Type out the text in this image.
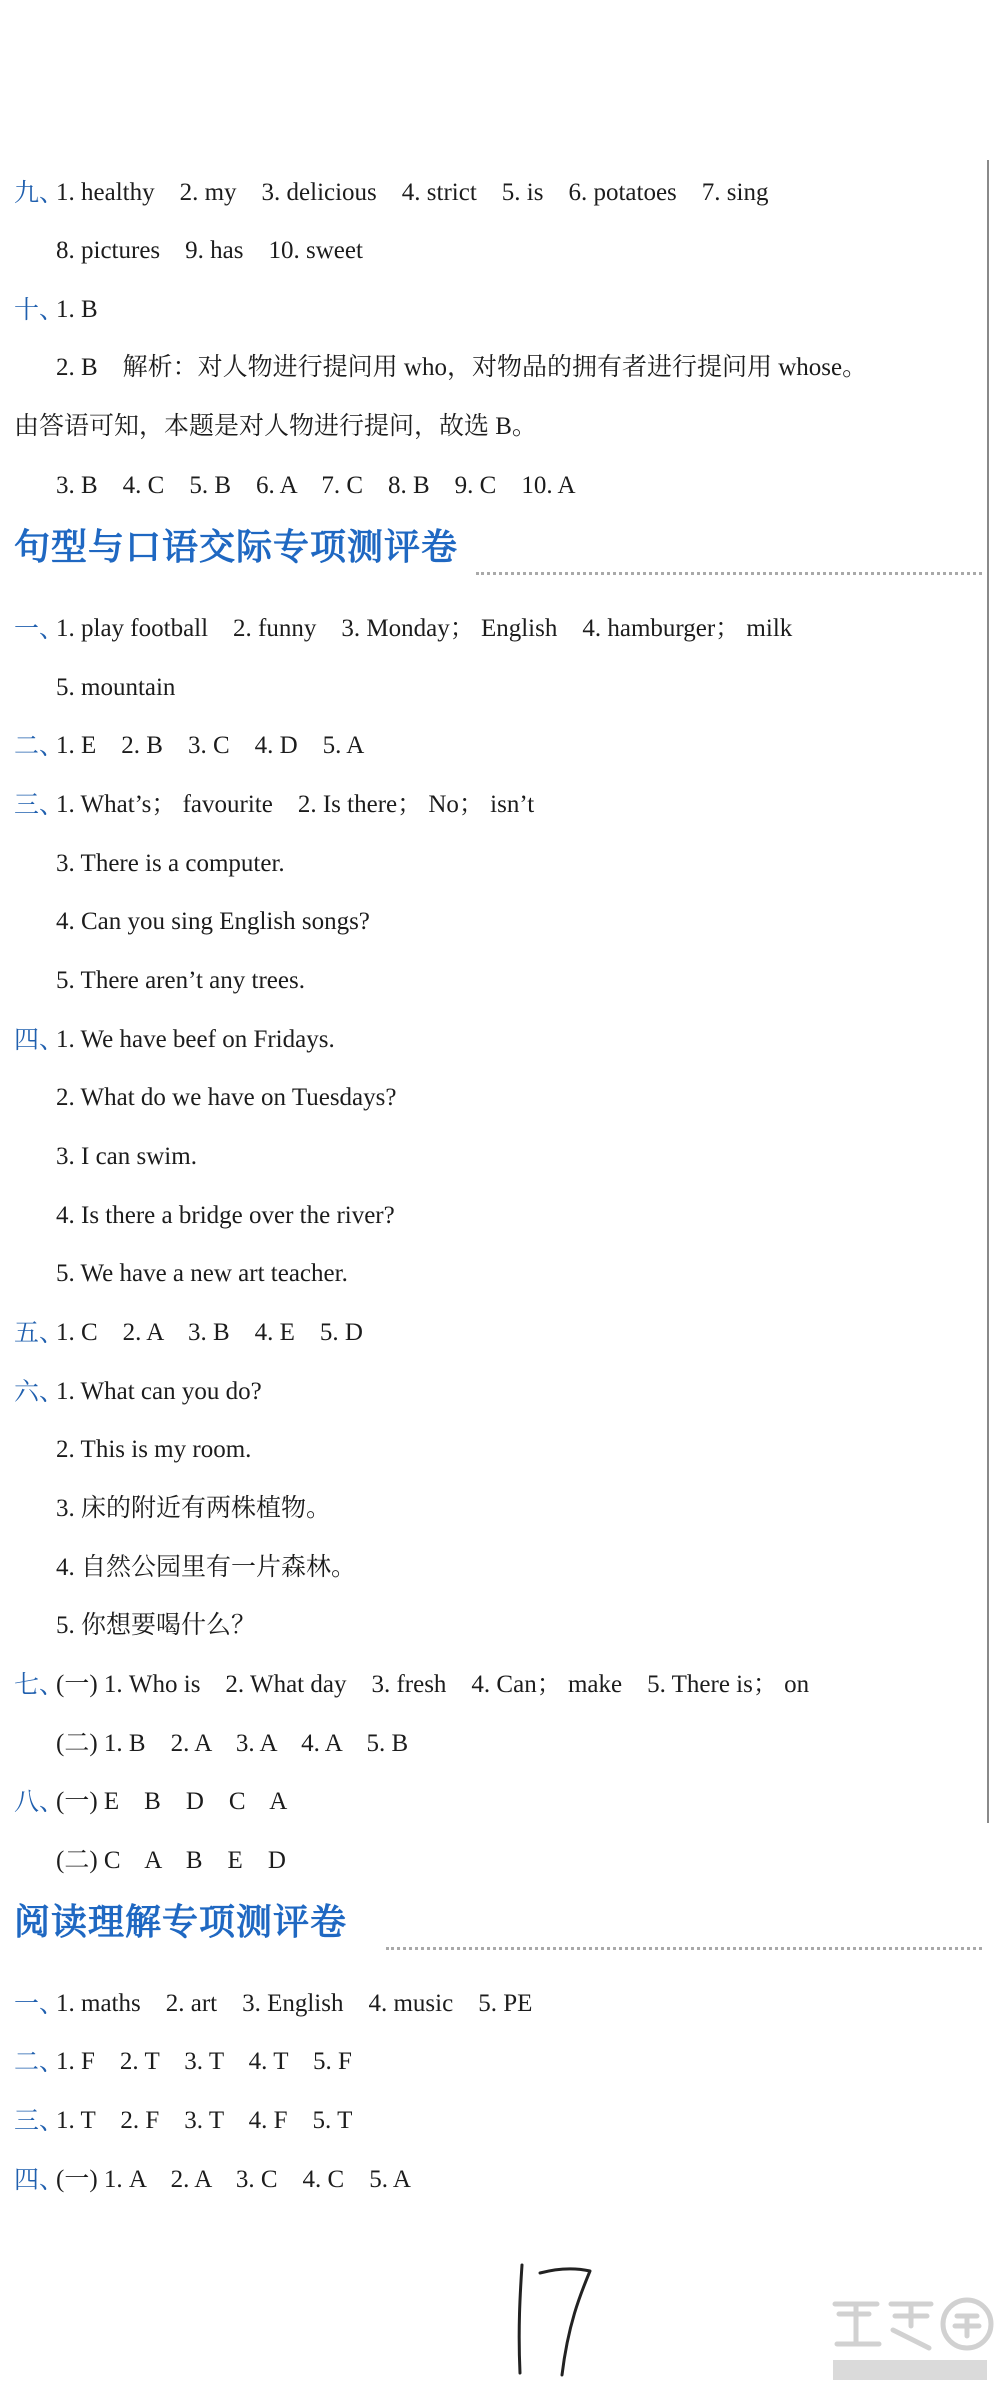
九、
1. healthy    2. my    3. delicious    4. strict    5. is    6. potatoes    7. sing
8. pictures    9. has    10. sweet
十、
1. B
2. B    解析：对人物进行提问用 who，对物品的拥有者进行提问用 whose。
由答语可知，本题是对人物进行提问，故选 B。
3. B    4. C    5. B    6. A    7. C    8. B    9. C    10. A
句型与口语交际专项测评卷
一、
1. play football    2. funny    3. Monday； English    4. hamburger； milk
5. mountain
二、
1. E    2. B    3. C    4. D    5. A
三、
1. What’s； favourite    2. Is there； No； isn’t
3. There is a computer.
4. Can you sing English songs?
5. There aren’t any trees.
四、
1. We have beef on Fridays.
2. What do we have on Tuesdays?
3. I can swim.
4. Is there a bridge over the river?
5. We have a new art teacher.
五、
1. C    2. A    3. B    4. E    5. D
六、
1. What can you do?
2. This is my room.
3. 床的附近有两株植物。
4. 自然公园里有一片森林。
5. 你想要喝什么？
七、
(一) 1. Who is    2. What day    3. fresh    4. Can； make    5. There is； on
(二) 1. B    2. A    3. A    4. A    5. B
八、
(一) E    B    D    C    A
(二) C    A    B    E    D
阅读理解专项测评卷
一、
1. maths    2. art    3. English    4. music    5. PE
二、
1. F    2. T    3. T    4. T    5. F
三、
1. T    2. F    3. T    4. F    5. T
四、
(一) 1. A    2. A    3. C    4. C    5. A
